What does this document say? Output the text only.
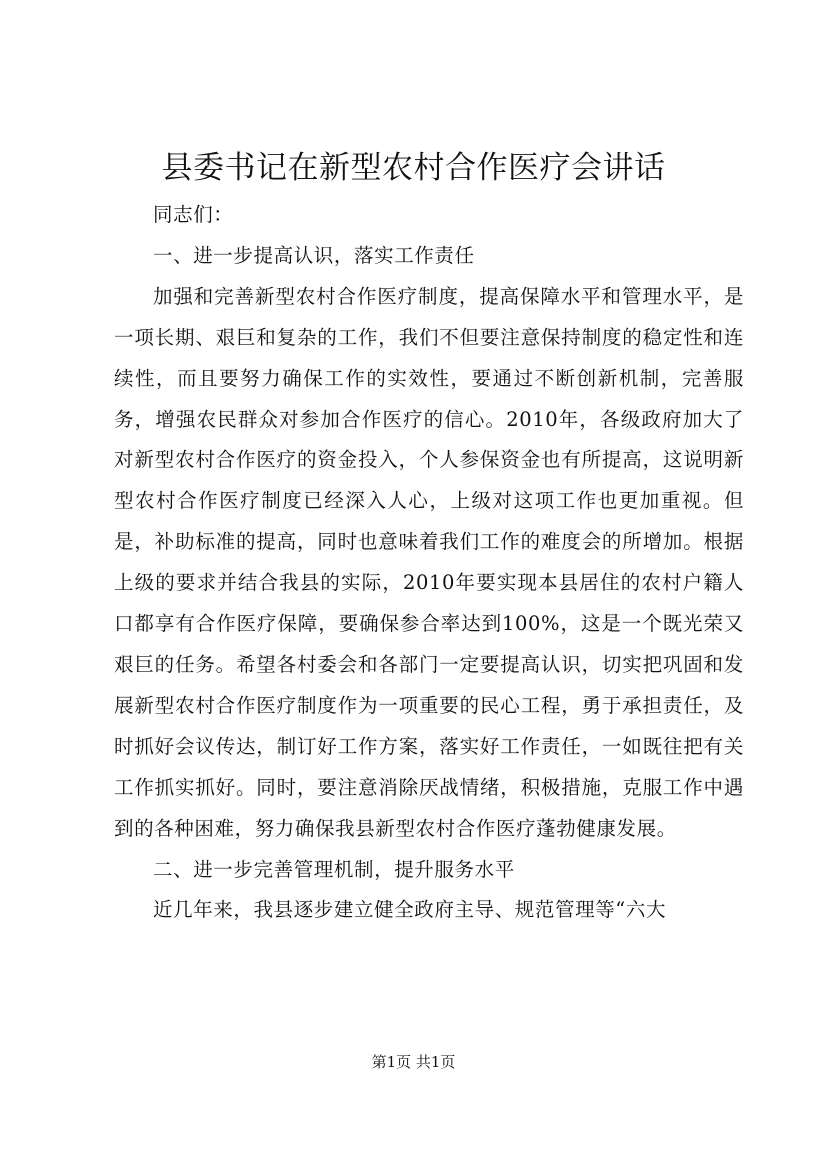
县委书记在新型农村合作医疗会讲话

同志们：

一、进一步提高认识，落实工作责任

加强和完善新型农村合作医疗制度，提高保障水平和管理水平，是一项长期、艰巨和复杂的工作，我们不但要注意保持制度的稳定性和连续性，而且要努力确保工作的实效性，要通过不断创新机制，完善服务，增强农民群众对参加合作医疗的信心。2010年，各级政府加大了对新型农村合作医疗的资金投入，个人参保资金也有所提高，这说明新型农村合作医疗制度已经深入人心，上级对这项工作也更加重视。但是，补助标准的提高，同时也意味着我们工作的难度会的所增加。根据上级的要求并结合我县的实际，2010年要实现本县居住的农村户籍人口都享有合作医疗保障，要确保参合率达到100%，这是一个既光荣又艰巨的任务。希望各村委会和各部门一定要提高认识，切实把巩固和发展新型农村合作医疗制度作为一项重要的民心工程，勇于承担责任，及时抓好会议传达，制订好工作方案，落实好工作责任，一如既往把有关工作抓实抓好。同时，要注意消除厌战情绪，积极措施，克服工作中遇到的各种困难，努力确保我县新型农村合作医疗蓬勃健康发展。

二、进一步完善管理机制，提升服务水平

近几年来，我县逐步建立健全政府主导、规范管理等“六大

第1页 共1页
